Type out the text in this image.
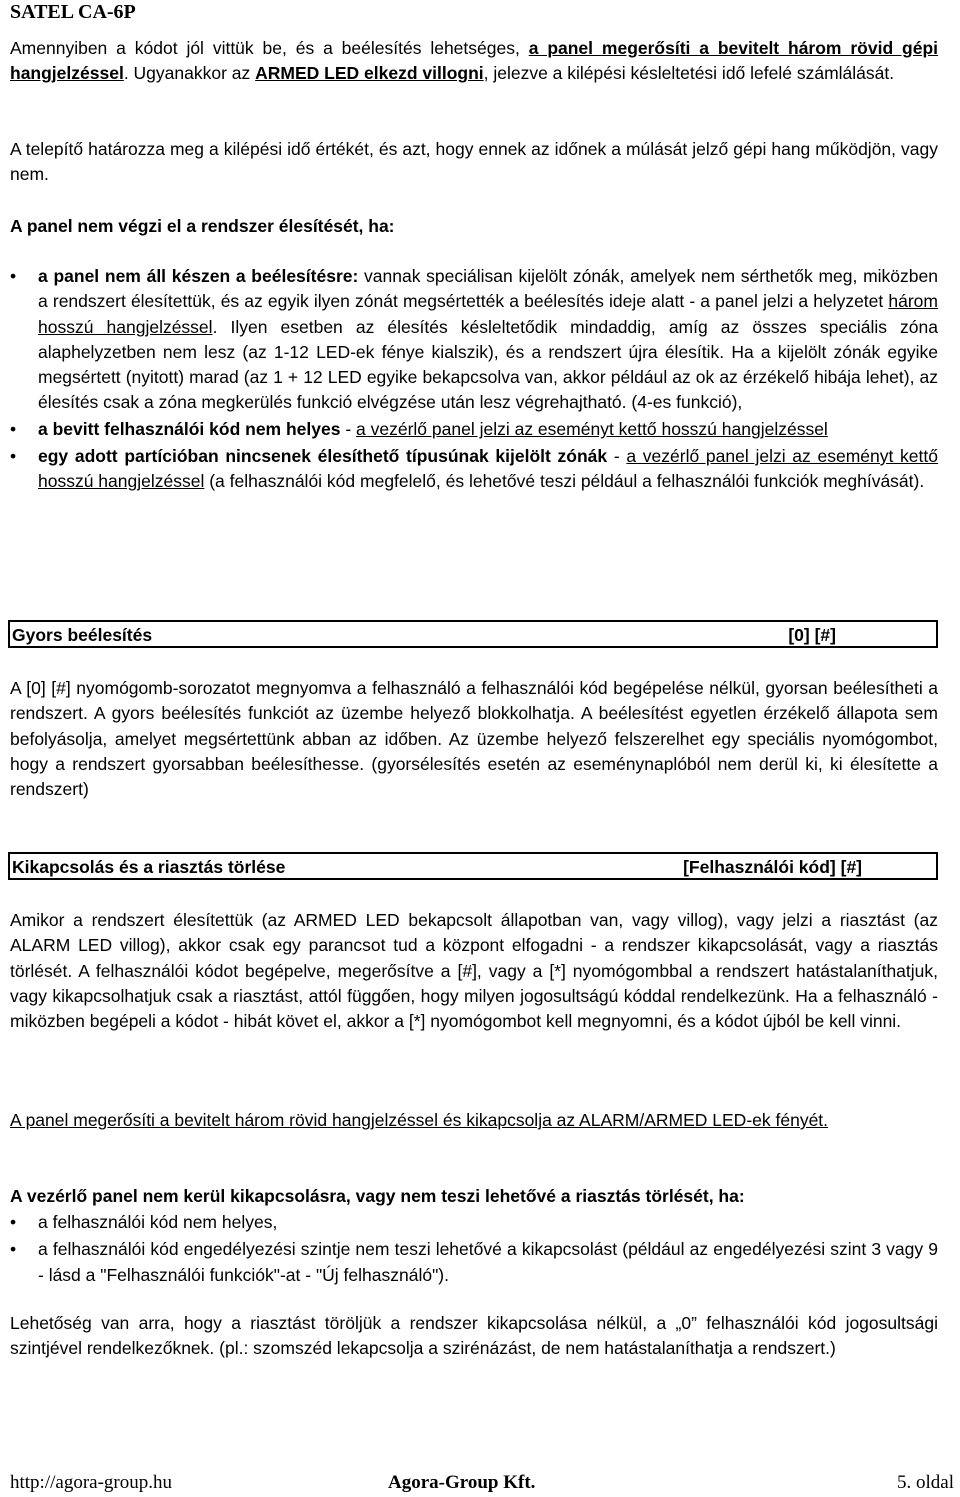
SATEL CA-6P

Amennyiben a kódot jól vittük be, és a beélesítés lehetséges, a panel megerősíti a bevitelt három rövid gépi hangjelzéssel. Ugyanakkor az ARMED LED elkezd villogni, jelezve a kilépési késleltetési idő lefelé számlálását.

A telepítő határozza meg a kilépési idő értékét, és azt, hogy ennek az időnek a múlását jelző gépi hang működjön, vagy nem.

A panel nem végzi el a rendszer élesítését, ha:

• a panel nem áll készen a beélesítésre: vannak speciálisan kijelölt zónák, amelyek nem sérthetők meg, miközben a rendszert élesítettük, és az egyik ilyen zónát megsértették a beélesítés ideje alatt - a panel jelzi a helyzetet három hosszú hangjelzéssel. Ilyen esetben az élesítés késleltetődik mindaddig, amíg az összes speciális zóna alaphelyzetben nem lesz (az 1-12 LED-ek fénye kialszik), és a rendszert újra élesítik. Ha a kijelölt zónák egyike megsértett (nyitott) marad (az 1 + 12 LED egyike bekapcsolva van, akkor például az ok az érzékelő hibája lehet), az élesítés csak a zóna megkerülés funkció elvégzése után lesz végrehajtható. (4-es funkció),
• a bevitt felhasználói kód nem helyes - a vezérlő panel jelzi az eseményt kettő hosszú hangjelzéssel
• egy adott partícióban nincsenek élesíthető típusúnak kijelölt zónák - a vezérlő panel jelzi az eseményt kettő hosszú hangjelzéssel (a felhasználói kód megfelelő, és lehetővé teszi például a felhasználói funkciók meghívását).
Gyors beélesítés	[0] [#]

A [0] [#] nyomógomb-sorozatot megnyomva a felhasználó a felhasználói kód begépelése nélkül, gyorsan beélesítheti a rendszert. A gyors beélesítés funkciót az üzembe helyező blokkolhatja. A beélesítést egyetlen érzékelő állapota sem befolyásolja, amelyet megsértettünk abban az időben. Az üzembe helyező felszerelhet egy speciális nyomógombot, hogy a rendszert gyorsabban beélesíthesse. (gyorsélesítés esetén az eseménynaplóból nem derül ki, ki élesítette a rendszert)

Kikapcsolás és a riasztás törlése	[Felhasználói kód] [#]

Amikor a rendszert élesítettük (az ARMED LED bekapcsolt állapotban van, vagy villog), vagy jelzi a riasztást (az ALARM LED villog), akkor csak egy parancsot tud a központ elfogadni - a rendszer kikapcsolását, vagy a riasztás törlését. A felhasználói kódot begépelve, megerősítve a [#], vagy a [*] nyomógombbal a rendszert hatástalaníthatjuk, vagy kikapcsolhatjuk csak a riasztást, attól függően, hogy milyen jogosultságú kóddal rendelkezünk. Ha a felhasználó - miközben begépeli a kódot - hibát követ el, akkor a [*] nyomógombot kell megnyomni, és a kódot újból be kell vinni.

A panel megerősíti a bevitelt három rövid hangjelzéssel és kikapcsolja az ALARM/ARMED LED-ek fényét.

A vezérlő panel nem kerül kikapcsolásra, vagy nem teszi lehetővé a riasztás törlését, ha:

• a felhasználói kód nem helyes,
• a felhasználói kód engedélyezési szintje nem teszi lehetővé a kikapcsolást (például az engedélyezési szint 3 vagy 9 - lásd a "Felhasználói funkciók"-at - "Új felhasználó").

Lehetőség van arra, hogy a riasztást töröljük a rendszer kikapcsolása nélkül, a „0” felhasználói kód jogosultsági szintjével rendelkezőknek. (pl.: szomszéd lekapcsolja a szirénázást, de nem hatástalaníthatja a rendszert.)

http://agora-group.hu	Agora-Group Kft.	5. oldal
